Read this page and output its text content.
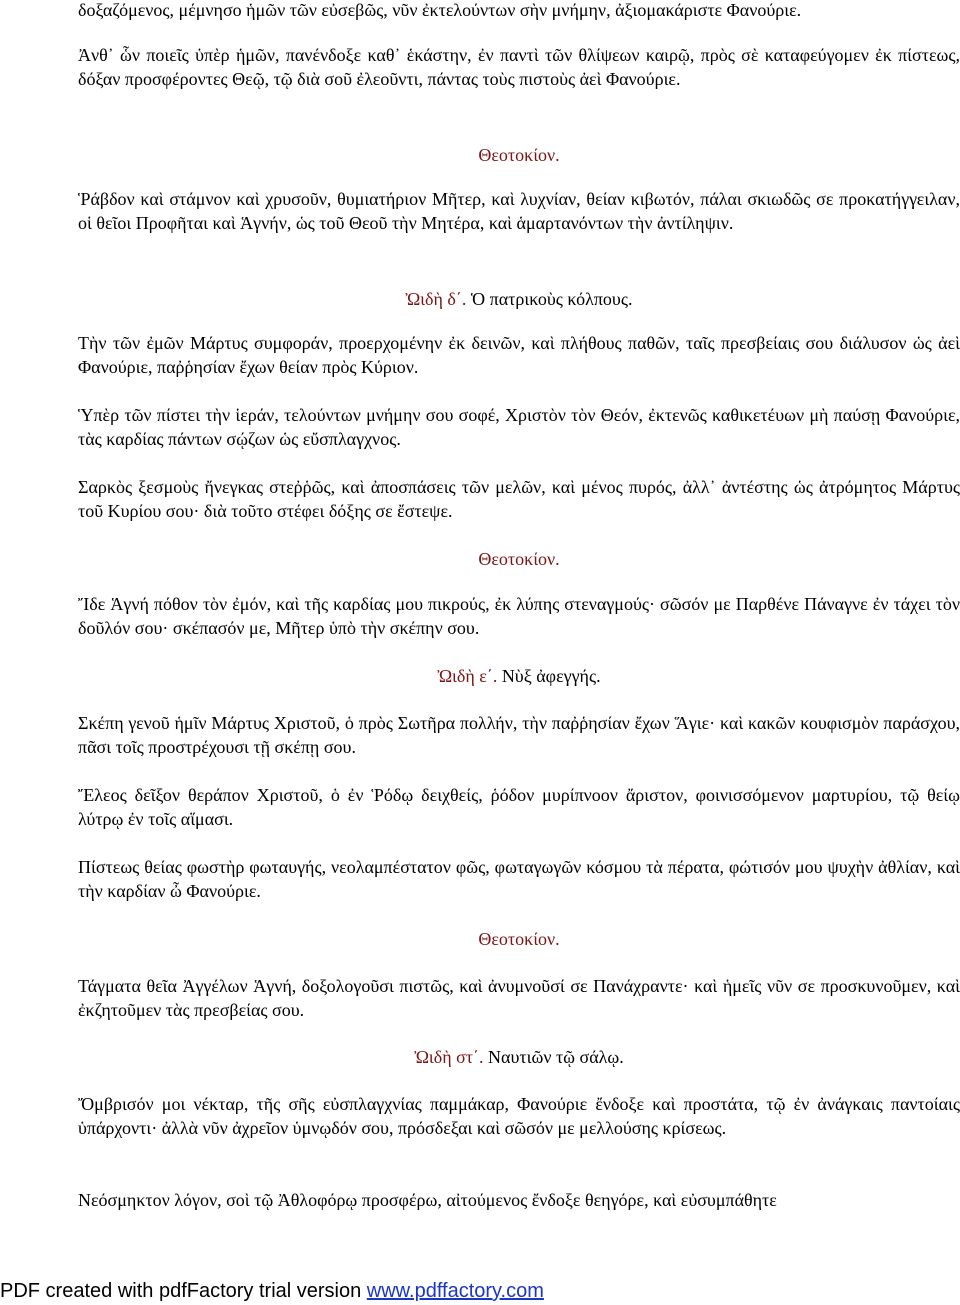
δοξαζόμενος, μέμνησο ἡμῶν τῶν εὐσεβῶς, νῦν ἐκτελούντων σὴν μνήμην, ἀξιομακάριστε Φανούριε.

Ἀνθ᾽ ὧν ποιεῖς ὑπὲρ ἡμῶν, πανένδοξε καθ᾽ ἑκάστην, ἐν παντὶ τῶν θλίψεων καιρῷ, πρὸς σὲ καταφεύγομεν ἐκ πίστεως, δόξαν προσφέροντες Θεῷ, τῷ διὰ σοῦ ἐλεοῦντι, πάντας τοὺς πιστοὺς ἀεὶ Φανούριε.

Θεοτοκίον.

Ῥάβδον καὶ στάμνον καὶ χρυσοῦν, θυμιατήριον Μῆτερ, καὶ λυχνίαν, θείαν κιβωτόν, πάλαι σκιωδῶς σε προκατήγγειλαν, οἱ θεῖοι Προφῆται καὶ Ἁγνήν, ὡς τοῦ Θεοῦ τὴν Μητέρα, καὶ ἁμαρτανόντων τὴν ἀντίληψιν.

Ὠιδὴ δ΄. Ὁ πατρικοὺς κόλπους.

Τὴν τῶν ἐμῶν Μάρτυς συμφοράν, προερχομένην ἐκ δεινῶν, καὶ πλήθους παθῶν, ταῖς πρεσβείαις σου διάλυσον ὡς ἀεὶ Φανούριε, παῤῥησίαν ἔχων θείαν πρὸς Κύριον.

Ὑπὲρ τῶν πίστει τὴν ἱεράν, τελούντων μνήμην σου σοφέ, Χριστὸν τὸν Θεόν, ἐκτενῶς καθικετέυων μὴ παύσῃ Φανούριε, τὰς καρδίας πάντων σῴζων ὡς εὔσπλαγχνος.

Σαρκὸς ξεσμοὺς ἤνεγκας στεῤῥῶς, καὶ ἀποσπάσεις τῶν μελῶν, καὶ μένος πυρός, ἀλλ᾽ ἀντέστης ὡς ἀτρόμητος Μάρτυς τοῦ Κυρίου σου· διὰ τοῦτο στέφει δόξης σε ἔστεψε.

Θεοτοκίον.

Ἴδε Ἁγνή πόθον τὸν ἐμόν, καὶ τῆς καρδίας μου πικρούς, ἐκ λύπης στεναγμούς· σῶσόν με Παρθένε Πάναγνε ἐν τάχει τὸν δοῦλόν σου· σκέπασόν με, Μῆτερ ὑπὸ τὴν σκέπην σου.

Ὠιδὴ ε΄. Νὺξ ἀφεγγής.

Σκέπη γενοῦ ἡμῖν Μάρτυς Χριστοῦ, ὁ πρὸς Σωτῆρα πολλήν, τὴν παῤῥησίαν ἔχων Ἅγιε· καὶ κακῶν κουφισμὸν παράσχου, πᾶσι τοῖς προστρέχουσι τῇ σκέπῃ σου.

Ἔλεος δεῖξον θεράπον Χριστοῦ, ὁ ἐν Ῥόδῳ δειχθείς, ῥόδον μυρίπνοον ἄριστον, φοινισσόμενον μαρτυρίου, τῷ θείῳ λύτρῳ ἐν τοῖς αἵμασι.

Πίστεως θείας φωστὴρ φωταυγής, νεολαμπέστατον φῶς, φωταγωγῶν κόσμου τὰ πέρατα, φώτισόν μου ψυχὴν ἀθλίαν, καὶ τὴν καρδίαν ὦ Φανούριε.

Θεοτοκίον.

Τάγματα θεῖα Ἀγγέλων Ἁγνή, δοξολογοῦσι πιστῶς, καὶ ἀνυμνοῦσί σε Πανάχραντε· καὶ ἡμεῖς νῦν σε προσκυνοῦμεν, καὶ ἐκζητοῦμεν τὰς πρεσβείας σου.

Ὠιδὴ στ΄. Ναυτιῶν τῷ σάλῳ.

Ὄμβρισόν μοι νέκταρ, τῆς σῆς εὐσπλαγχνίας παμμάκαρ, Φανούριε ἔνδοξε καὶ προστάτα, τῷ ἐν ἀνάγκαις παντοίαις ὑπάρχοντι· ἀλλὰ νῦν ἀχρεῖον ὑμνῳδόν σου, πρόσδεξαι καὶ σῶσόν με μελλούσης κρίσεως.

Νεόσμηκτον λόγον, σοὶ τῷ Ἀθλοφόρῳ προσφέρω, αἰτούμενος ἔνδοξε θεηγόρε, καὶ εὐσυμπάθητε

PDF created with pdfFactory trial version www.pdffactory.com
